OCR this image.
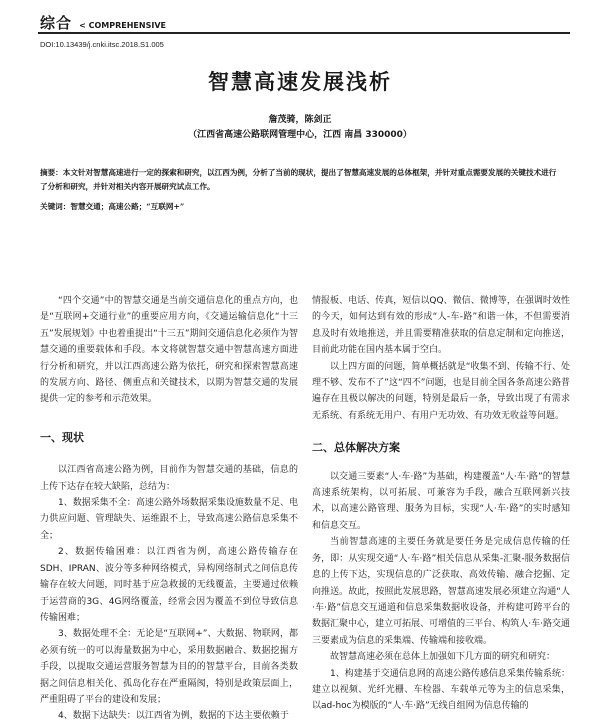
综合 < COMPREHENSIVE
DOI:10.13439/j.cnki.itsc.2018.S1.005
智慧高速发展浅析
詹茂骑，陈剑正
（江西省高速公路联网管理中心，江西 南昌 330000）
摘要：本文针对智慧高速进行一定的探索和研究，以江西为例，分析了当前的现状，提出了智慧高速发展的总体框架，并针对重点需要发展的关键技术进行了分析和研究，并针对相关内容开展研究试点工作。
关键词：智慧交通；高速公路；“互联网+”

“四个交通”中的智慧交通是当前交通信息化的重点方向，也是“互联网+交通行业”的重要应用方向，《交通运输信息化“十三五”发展规划》中也着重提出“十三五”期间交通信息化必须作为智慧交通的重要载体和手段。本文将就智慧交通中智慧高速方面进行分析和研究，并以江西高速公路为依托，研究和探索智慧高速的发展方向、路径、侧重点和关键技术，以期为智慧交通的发展提供一定的参考和示范效果。

一、现状

以江西省高速公路为例，目前作为智慧交通的基础，信息的上传下达存在较大缺陷，总结为：

1、数据采集不全：高速公路外场数据采集设施数量不足、电力供应问题、管理缺失、运维跟不上，导致高速公路信息采集不全；

2、数据传输困难：以江西省为例，高速公路传输存在SDH、IPRAN、波分等多种网络模式，异构网络制式之间信息传输存在较大问题，同时基于应急救援的无线覆盖，主要通过依赖于运营商的3G、4G网络覆盖，经常会因为覆盖不到位导致信息传输困难；

3、数据处理不全：无论是“互联网+”、大数据、物联网，都必须有统一的可以海量数据为中心，采用数据融合、数据挖掘方手段，以提取交通运营服务智慧为目的的智慧平台，目前各类数据之间信息相关化、孤岛化存在严重隔阂，特别是政策层面上，严重阻碍了平台的建设和发展；

4、数据下达缺失：以江西省为例，数据的下达主要依赖于

情报板、电话、传真，短信以QQ、微信、微博等，在强调时效性的今天，如何达到有效的形成“人-车-路”和谐一体，不但需要消息及时有效地推送，并且需要精准获取的信息定制和定向推送，目前此功能在国内基本属于空白。

以上四方面的问题，简单概括就是“收集不到、传输不行、处理不够、发布不了”这“四不”问题，也是目前全国各条高速公路普遍存在且极以解决的问题，特别是最后一条，导致出现了有需求无系统、有系统无用户、有用户无功效、有功效无收益等问题。

二、总体解决方案

以交通三要素“人·车·路”为基础，构建覆盖“人·车·路”的智慧高速系统架构，以可拓展、可兼容为手段，融合互联网新兴技术，以高速公路管理、服务为目标，实现“人·车·路”的实时感知和信息交互。

当前智慧高速的主要任务就是要任务是完成信息传输的任务，即：从实现交通“人·车·路”相关信息从采集-汇聚-服务数据信息的上传下达，实现信息的广泛获取、高效传输、融合挖掘、定向推送。故此，按照此发展思路，智慧高速发展必须建立沟通“人·车·路”信息交互通道和信息采集数据收设备，并构建可跨平台的数据汇聚中心，建立可拓展、可增值的三平台、构筑人·车·路交通三要素成为信息的采集端、传输端和接收端。

故智慧高速必须在总体上加强如下几方面的研究和研究：

1、构建基于交通信息网的高速公路传感信息采集传输系统：建立以视频、光纤光栅、车检器、车载单元等为主的信息采集，以ad-hoc为模版的“人·车·路”无线自组网为信息传输的
